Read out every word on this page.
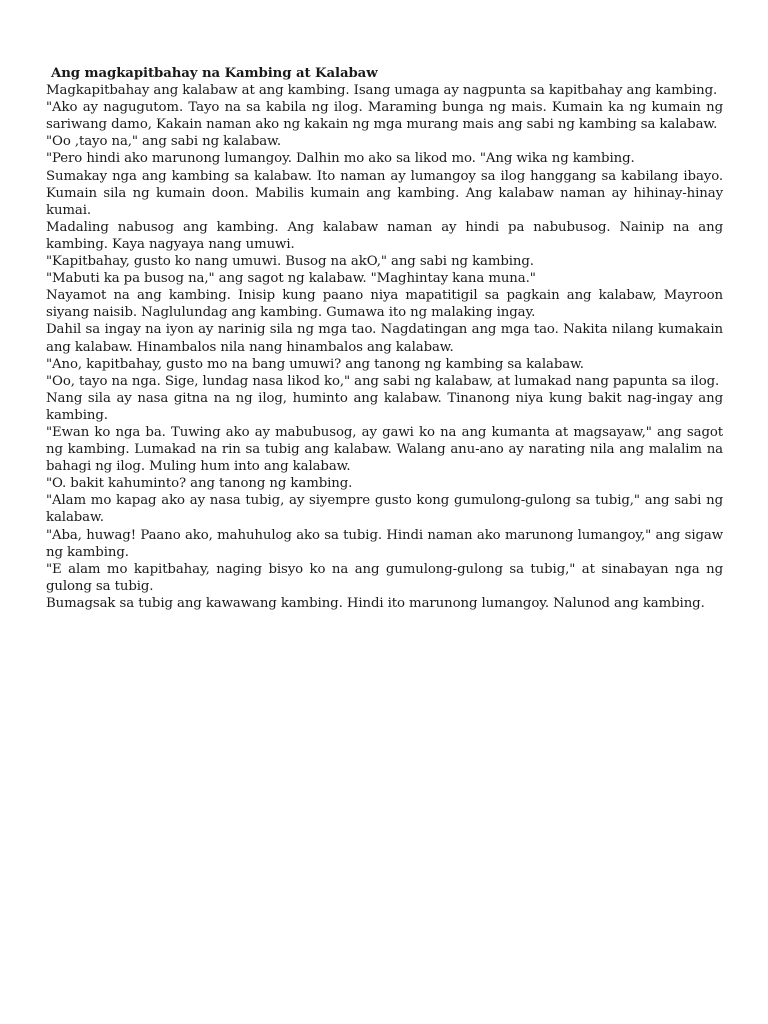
Ang magkapitbahay na Kambing at Kalabaw

Magkapitbahay ang kalabaw at ang kambing. Isang umaga ay nagpunta sa kapitbahay ang kambing.

"Ako ay nagugutom. Tayo na sa kabila ng ilog. Maraming bunga ng mais. Kumain ka ng kumain ng sariwang damo, Kakain naman ako ng kakain ng mga murang mais ang sabi ng kambing sa kalabaw.

"Oo ,tayo na," ang sabi ng kalabaw.

"Pero hindi ako marunong lumangoy. Dalhin mo ako sa likod mo. "Ang wika ng kambing.

Sumakay nga ang kambing sa kalabaw. Ito naman ay lumangoy sa ilog hanggang sa kabilang ibayo. Kumain sila ng kumain doon. Mabilis kumain ang kambing. Ang kalabaw naman ay hihinay-hinay kumai.

Madaling nabusog ang kambing. Ang kalabaw naman ay hindi pa nabubusog. Nainip na ang kambing. Kaya nagyaya nang umuwi.

"Kapitbahay, gusto ko nang umuwi. Busog na akO," ang sabi ng kambing.

"Mabuti ka pa busog na," ang sagot ng kalabaw. "Maghintay kana muna."

Nayamot na ang kambing. Inisip kung paano niya mapatitigil sa pagkain ang kalabaw, Mayroon siyang naisib. Naglulundag ang kambing. Gumawa ito ng malaking ingay.

Dahil sa ingay na iyon ay narinig sila ng mga tao. Nagdatingan ang mga tao. Nakita nilang kumakain ang kalabaw. Hinambalos nila nang hinambalos ang kalabaw.

"Ano, kapitbahay, gusto mo na bang umuwi? ang tanong ng kambing sa kalabaw.

"Oo, tayo na nga. Sige, lundag nasa likod ko," ang sabi ng kalabaw, at lumakad nang papunta sa ilog.

Nang sila ay nasa gitna na ng ilog, huminto ang kalabaw. Tinanong niya kung bakit nag-ingay ang kambing.

"Ewan ko nga ba. Tuwing ako ay mabubusog, ay gawi ko na ang kumanta at magsayaw," ang sagot ng kambing. Lumakad na rin sa tubig ang kalabaw. Walang anu-ano ay narating nila ang malalim na bahagi ng ilog. Muling hum into ang kalabaw.

"O. bakit kahuminto? ang tanong ng kambing.

"Alam mo kapag ako ay nasa tubig, ay siyempre gusto kong gumulong-gulong sa tubig," ang sabi ng kalabaw.

"Aba, huwag! Paano ako, mahuhulog ako sa tubig. Hindi naman ako marunong lumangoy," ang sigaw ng kambing.

"E alam mo kapitbahay, naging bisyo ko na ang gumulong-gulong sa tubig," at sinabayan nga ng gulong sa tubig.

Bumagsak sa tubig ang kawawang kambing. Hindi ito marunong lumangoy. Nalunod ang kambing.
